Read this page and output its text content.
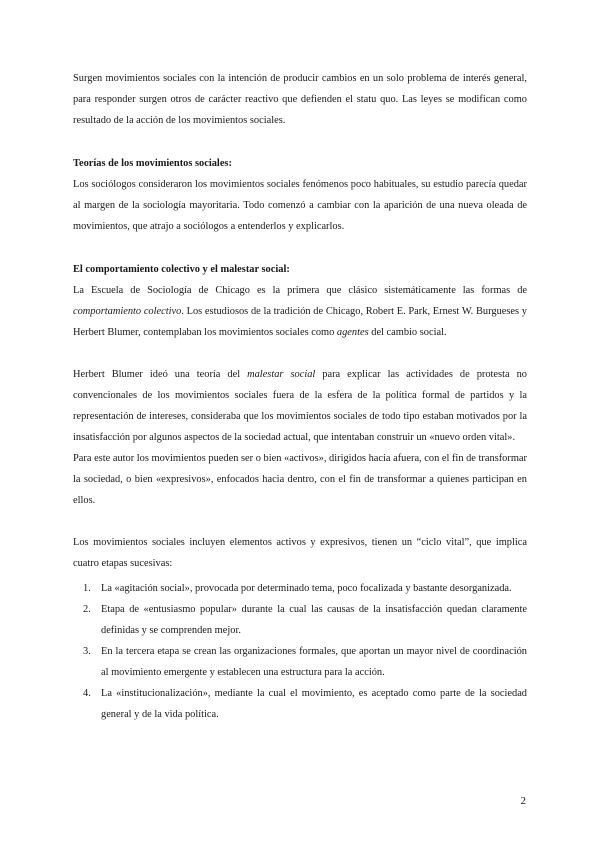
Surgen movimientos sociales con la intención de producir cambios en un solo problema de interés general, para responder surgen otros de carácter reactivo que defienden el statu quo. Las leyes se modifican como resultado de la acción de los movimientos sociales.

Teorías de los movimientos sociales:

Los sociólogos consideraron los movimientos sociales fenómenos poco habituales, su estudio parecía quedar al margen de la sociología mayoritaria. Todo comenzó a cambiar con la aparición de una nueva oleada de movimientos, que atrajo a sociólogos a entenderlos y explicarlos.

El comportamiento colectivo y el malestar social:

La Escuela de Sociología de Chicago es la primera que clásico sistemáticamente las formas de comportamiento colectivo. Los estudiosos de la tradición de Chicago, Robert E. Park, Ernest W. Burgueses y Herbert Blumer, contemplaban los movimientos sociales como agentes del cambio social.

Herbert Blumer ideó una teoría del malestar social para explicar las actividades de protesta no convencionales de los movimientos sociales fuera de la esfera de la política formal de partidos y la representación de intereses, consideraba que los movimientos sociales de todo tipo estaban motivados por la insatisfacción por algunos aspectos de la sociedad actual, que intentaban construir un «nuevo orden vital».

Para este autor los movimientos pueden ser o bien «activos», dirigidos hacia afuera, con el fin de transformar la sociedad, o bien «expresivos», enfocados hacia dentro, con el fin de transformar a quienes participan en ellos.

Los movimientos sociales incluyen elementos activos y expresivos, tienen un “ciclo vital”, que implica cuatro etapas sucesivas:

1. La «agitación social», provocada por determinado tema, poco focalizada y bastante desorganizada.
2. Etapa de «entusiasmo popular» durante la cual las causas de la insatisfacción quedan claramente definidas y se comprenden mejor.
3. En la tercera etapa se crean las organizaciones formales, que aportan un mayor nivel de coordinación al movimiento emergente y establecen una estructura para la acción.
4. La «institucionalización», mediante la cual el movimiento, es aceptado como parte de la sociedad general y de la vida política.
2
